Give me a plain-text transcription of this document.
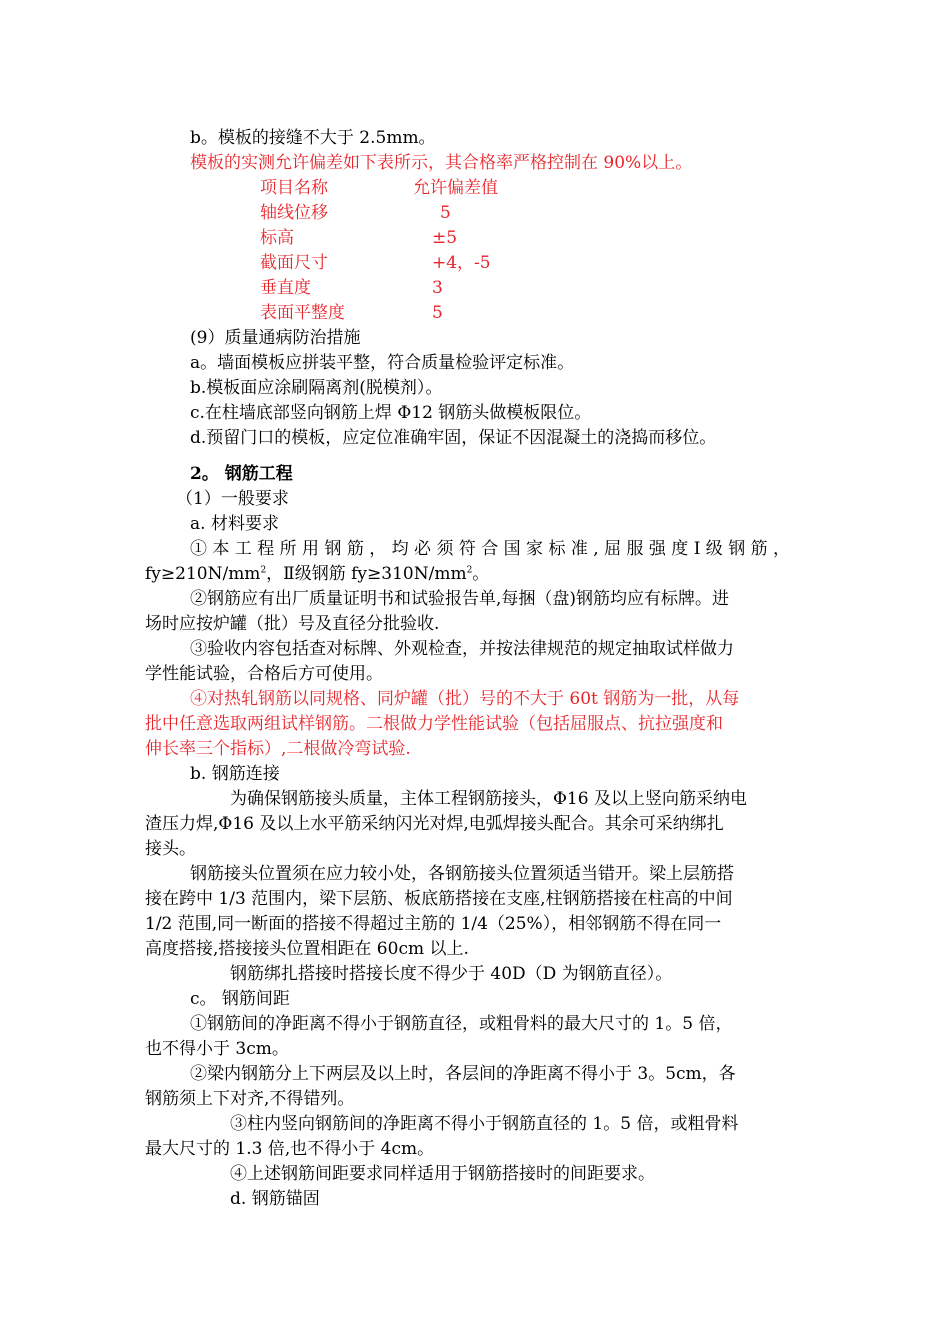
b。模板的接缝不大于 2.5mm。
模板的实测允许偏差如下表所示，其合格率严格控制在 90%以上。
项目名称	允许偏差值
轴线位移	5
标高	±5
截面尺寸	+4，-5
垂直度	3
表面平整度	5
(9）质量通病防治措施
a。墙面模板应拼装平整，符合质量检验评定标准。
b.模板面应涂刷隔离剂(脱模剂）。
c.在柱墙底部竖向钢筋上焊 Φ12 钢筋头做模板限位。
d.预留门口的模板，应定位准确牢固，保证不因混凝土的浇捣而移位。
2。 钢筋工程
（1）一般要求
a. 材料要求
① 本 工 程 所 用 钢 筋 ， 均 必 须 符 合 国 家 标 准 , 屈 服 强 度 Ⅰ 级 钢 筋 ，
$fy\ge 210N/mm^2$，Ⅱ级钢筋 $fy\ge 310N/mm^2$。
②钢筋应有出厂质量证明书和试验报告单,每捆（盘)钢筋均应有标牌。进
场时应按炉罐（批）号及直径分批验收.
③验收内容包括查对标牌、外观检查，并按法律规范的规定抽取试样做力
学性能试验，合格后方可使用。
④对热轧钢筋以同规格、同炉罐（批）号的不大于 60t 钢筋为一批，从每
批中任意选取两组试样钢筋。二根做力学性能试验（包括屈服点、抗拉强度和
伸长率三个指标）,二根做冷弯试验.
b. 钢筋连接
为确保钢筋接头质量，主体工程钢筋接头，Φ16 及以上竖向筋采纳电
渣压力焊,Φ16 及以上水平筋采纳闪光对焊,电弧焊接头配合。其余可采纳绑扎
接头。
钢筋接头位置须在应力较小处，各钢筋接头位置须适当错开。梁上层筋搭
接在跨中 1/3 范围内，梁下层筋、板底筋搭接在支座,柱钢筋搭接在柱高的中间
1/2 范围,同一断面的搭接不得超过主筋的 1/4（25%），相邻钢筋不得在同一
高度搭接,搭接接头位置相距在 60cm 以上.
钢筋绑扎搭接时搭接长度不得少于 40D（D 为钢筋直径）。
c。 钢筋间距
①钢筋间的净距离不得小于钢筋直径，或粗骨料的最大尺寸的 1。5 倍，
也不得小于 3cm。
②梁内钢筋分上下两层及以上时，各层间的净距离不得小于 3。5cm，各
钢筋须上下对齐,不得错列。
③柱内竖向钢筋间的净距离不得小于钢筋直径的 1。5 倍，或粗骨料
最大尺寸的 1.3 倍,也不得小于 4cm。
④上述钢筋间距要求同样适用于钢筋搭接时的间距要求。
d. 钢筋锚固
